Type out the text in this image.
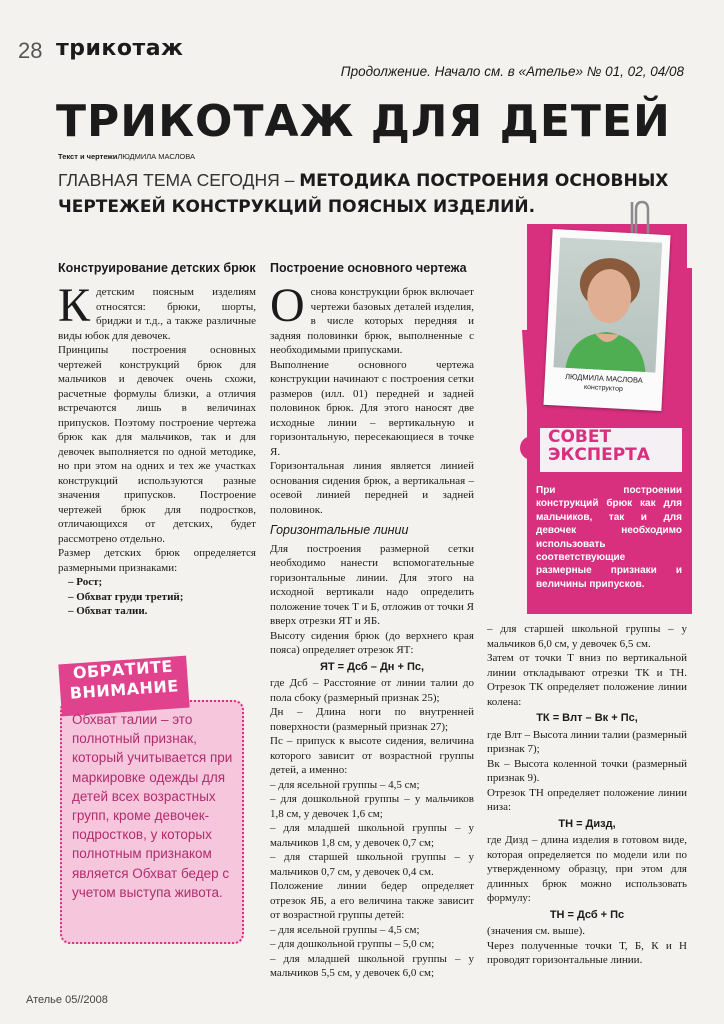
28 трикотаж
Продолжение. Начало см. в «Ателье» № 01, 02, 04/08
ТРИКОТАЖ ДЛЯ ДЕТЕЙ
Текст и чертежиЛЮДМИЛА МАСЛОВА
ГЛАВНАЯ ТЕМА СЕГОДНЯ – МЕТОДИКА ПОСТРОЕНИЯ ОСНОВНЫХ ЧЕРТЕЖЕЙ КОНСТРУКЦИЙ ПОЯСНЫХ ИЗДЕЛИЙ.
Конструирование детских брюк
К детским поясным изделиям относятся: брюки, шорты, бриджи и т.д., а также различные виды юбок для девочек.

Принципы построения основных чертежей конструкций брюк для мальчиков и девочек очень схожи, расчетные формулы близки, а отличия встречаются лишь в величинах припусков. Поэтому построение чертежа брюк как для мальчиков, так и для девочек выполняется по одной методике, но при этом на одних и тех же участках конструкций используются разные значения припусков. Построение чертежей брюк для подростков, отличающихся от детских, будет рассмотрено отдельно.

Размер детских брюк определяется размерными признаками:

– Рост;

– Обхват груди третий;

– Обхват талии.

Построение основного чертежа
О снова конструкции брюк включает чертежи базовых деталей изделия, в числе которых передняя и задняя половинки брюк, выполненные с необходимыми припусками.

Выполнение основного чертежа конструкции начинают с построения сетки размеров (илл. 01) передней и задней половинок брюк. Для этого наносят две исходные линии – вертикальную и горизонтальную, пересекающиеся в точке Я.

Горизонтальная линия является линией основания сидения брюк, а вертикальная – осевой линией передней и задней половинок.

Горизонтальные линии

Для построения размерной сетки необходимо нанести вспомогательные горизонтальные линии. Для этого на исходной вертикали надо определить положение точек Т и Б, отложив от точки Я вверх отрезки ЯТ и ЯБ.

Высоту сидения брюк (до верхнего края пояса) определяет отрезок ЯТ:

ЯТ = Дсб – Дн + Пс,

где Дсб – Расстояние от линии талии до пола сбоку (размерный признак 25);

Дн – Длина ноги по внутренней поверхности (размерный признак 27);

Пс – припуск к высоте сидения, величина которого зависит от возрастной группы детей, а именно:

– для ясельной группы – 4,5 см;

– для дошкольной группы – у мальчиков 1,8 см, у девочек 1,6 см;

– для младшей школьной группы – у мальчиков 1,8 см, у девочек 0,7 см;

– для старшей школьной группы – у мальчиков 0,7 см, у девочек 0,4 см.

Положение линии бедер определяет отрезок ЯБ, а его величина также зависит от возрастной группы детей:

– для ясельной группы – 4,5 см;

– для дошкольной группы – 5,0 см;

– для младшей школьной группы – у мальчиков 5,5 см, у девочек 6,0 см;

– для старшей школьной группы – у мальчиков 6,0 см, у девочек 6,5 см.

Затем от точки Т вниз по вертикальной линии откладывают отрезки ТК и ТН. Отрезок ТК определяет положение линии колена:

ТК = Влт – Вк + Пс,

где Влт – Высота линии талии (размерный признак 7);

Вк – Высота коленной точки (размерный признак 9).

Отрезок ТН определяет положение линии низа:

ТН = Дизд,

где Дизд – длина изделия в готовом виде, которая определяется по модели или по утвержденному образцу, при этом для длинных брюк можно использовать формулу:

ТН = Дсб + Пс

(значения см. выше).

Через полученные точки Т, Б, К и Н проводят горизонтальные линии.

ЛЮДМИЛА МАСЛОВА
конструктор
СОВЕТ
ЭКСПЕРТА
При построении конструкций брюк как для мальчиков, так и для девочек необходимо использовать соответствующие размерные признаки и величины припусков.
ОБРАТИТЕ
ВНИМАНИЕ
Обхват талии – это полнотный признак, который учитывается при маркировке одежды для детей всех возрастных групп, кроме девочек-подростков, у которых полнотным признаком является Обхват бедер с учетом выступа живота.
Ателье 05//2008
